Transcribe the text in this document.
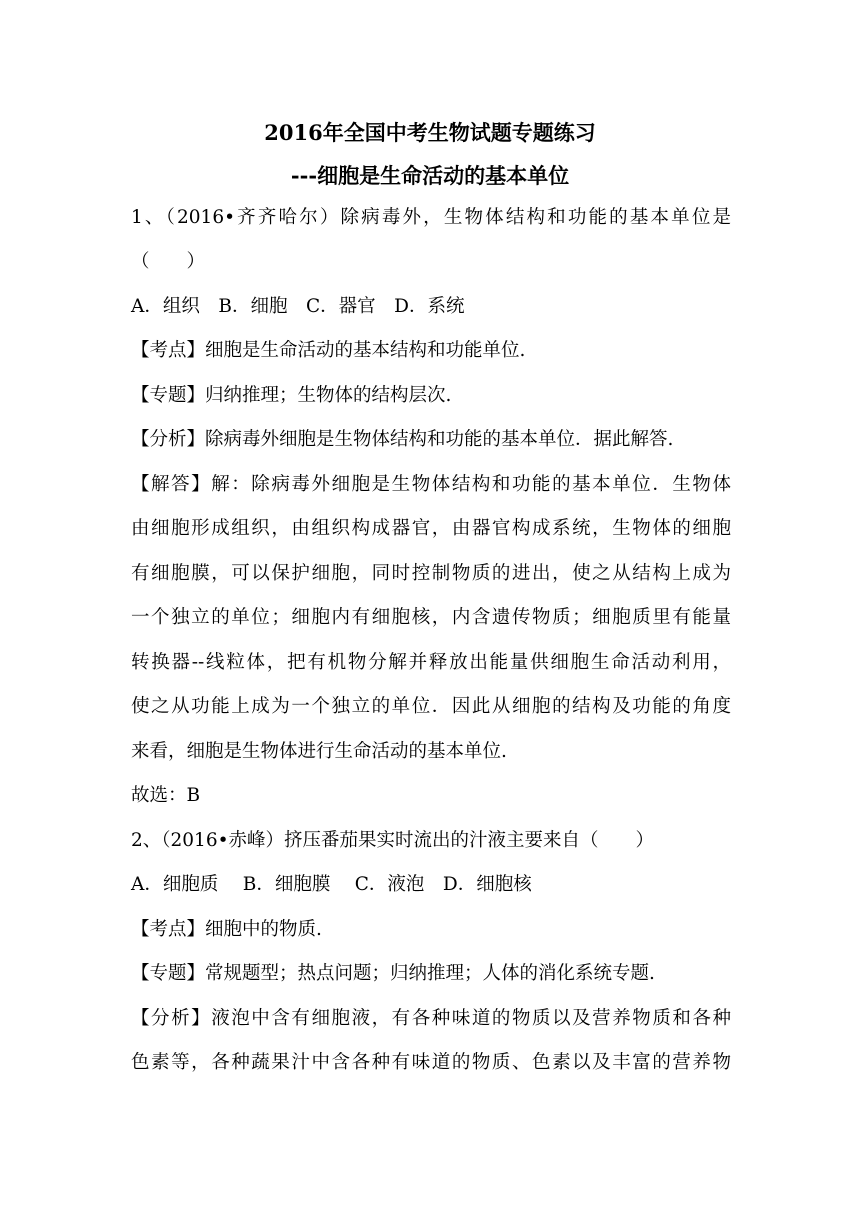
2016年全国中考生物试题专题练习
---细胞是生命活动的基本单位
1、（2016•齐齐哈尔）除病毒外，生物体结构和功能的基本单位是
（　　）
A．组织　B．细胞　C．器官　D．系统
【考点】细胞是生命活动的基本结构和功能单位.
【专题】归纳推理；生物体的结构层次.
【分析】除病毒外细胞是生物体结构和功能的基本单位．据此解答.
【解答】解：除病毒外细胞是生物体结构和功能的基本单位．生物体
由细胞形成组织，由组织构成器官，由器官构成系统，生物体的细胞
有细胞膜，可以保护细胞，同时控制物质的进出，使之从结构上成为
一个独立的单位；细胞内有细胞核，内含遗传物质；细胞质里有能量
转换器--线粒体，把有机物分解并释放出能量供细胞生命活动利用，
使之从功能上成为一个独立的单位．因此从细胞的结构及功能的角度
来看，细胞是生物体进行生命活动的基本单位.
故选：B
2、（2016•赤峰）挤压番茄果实时流出的汁液主要来自（　　）
A．细胞质　 B．细胞膜　 C．液泡　D．细胞核
【考点】细胞中的物质.
【专题】常规题型；热点问题；归纳推理；人体的消化系统专题.
【分析】液泡中含有细胞液，有各种味道的物质以及营养物质和各种
色素等，各种蔬果汁中含各种有味道的物质、色素以及丰富的营养物
